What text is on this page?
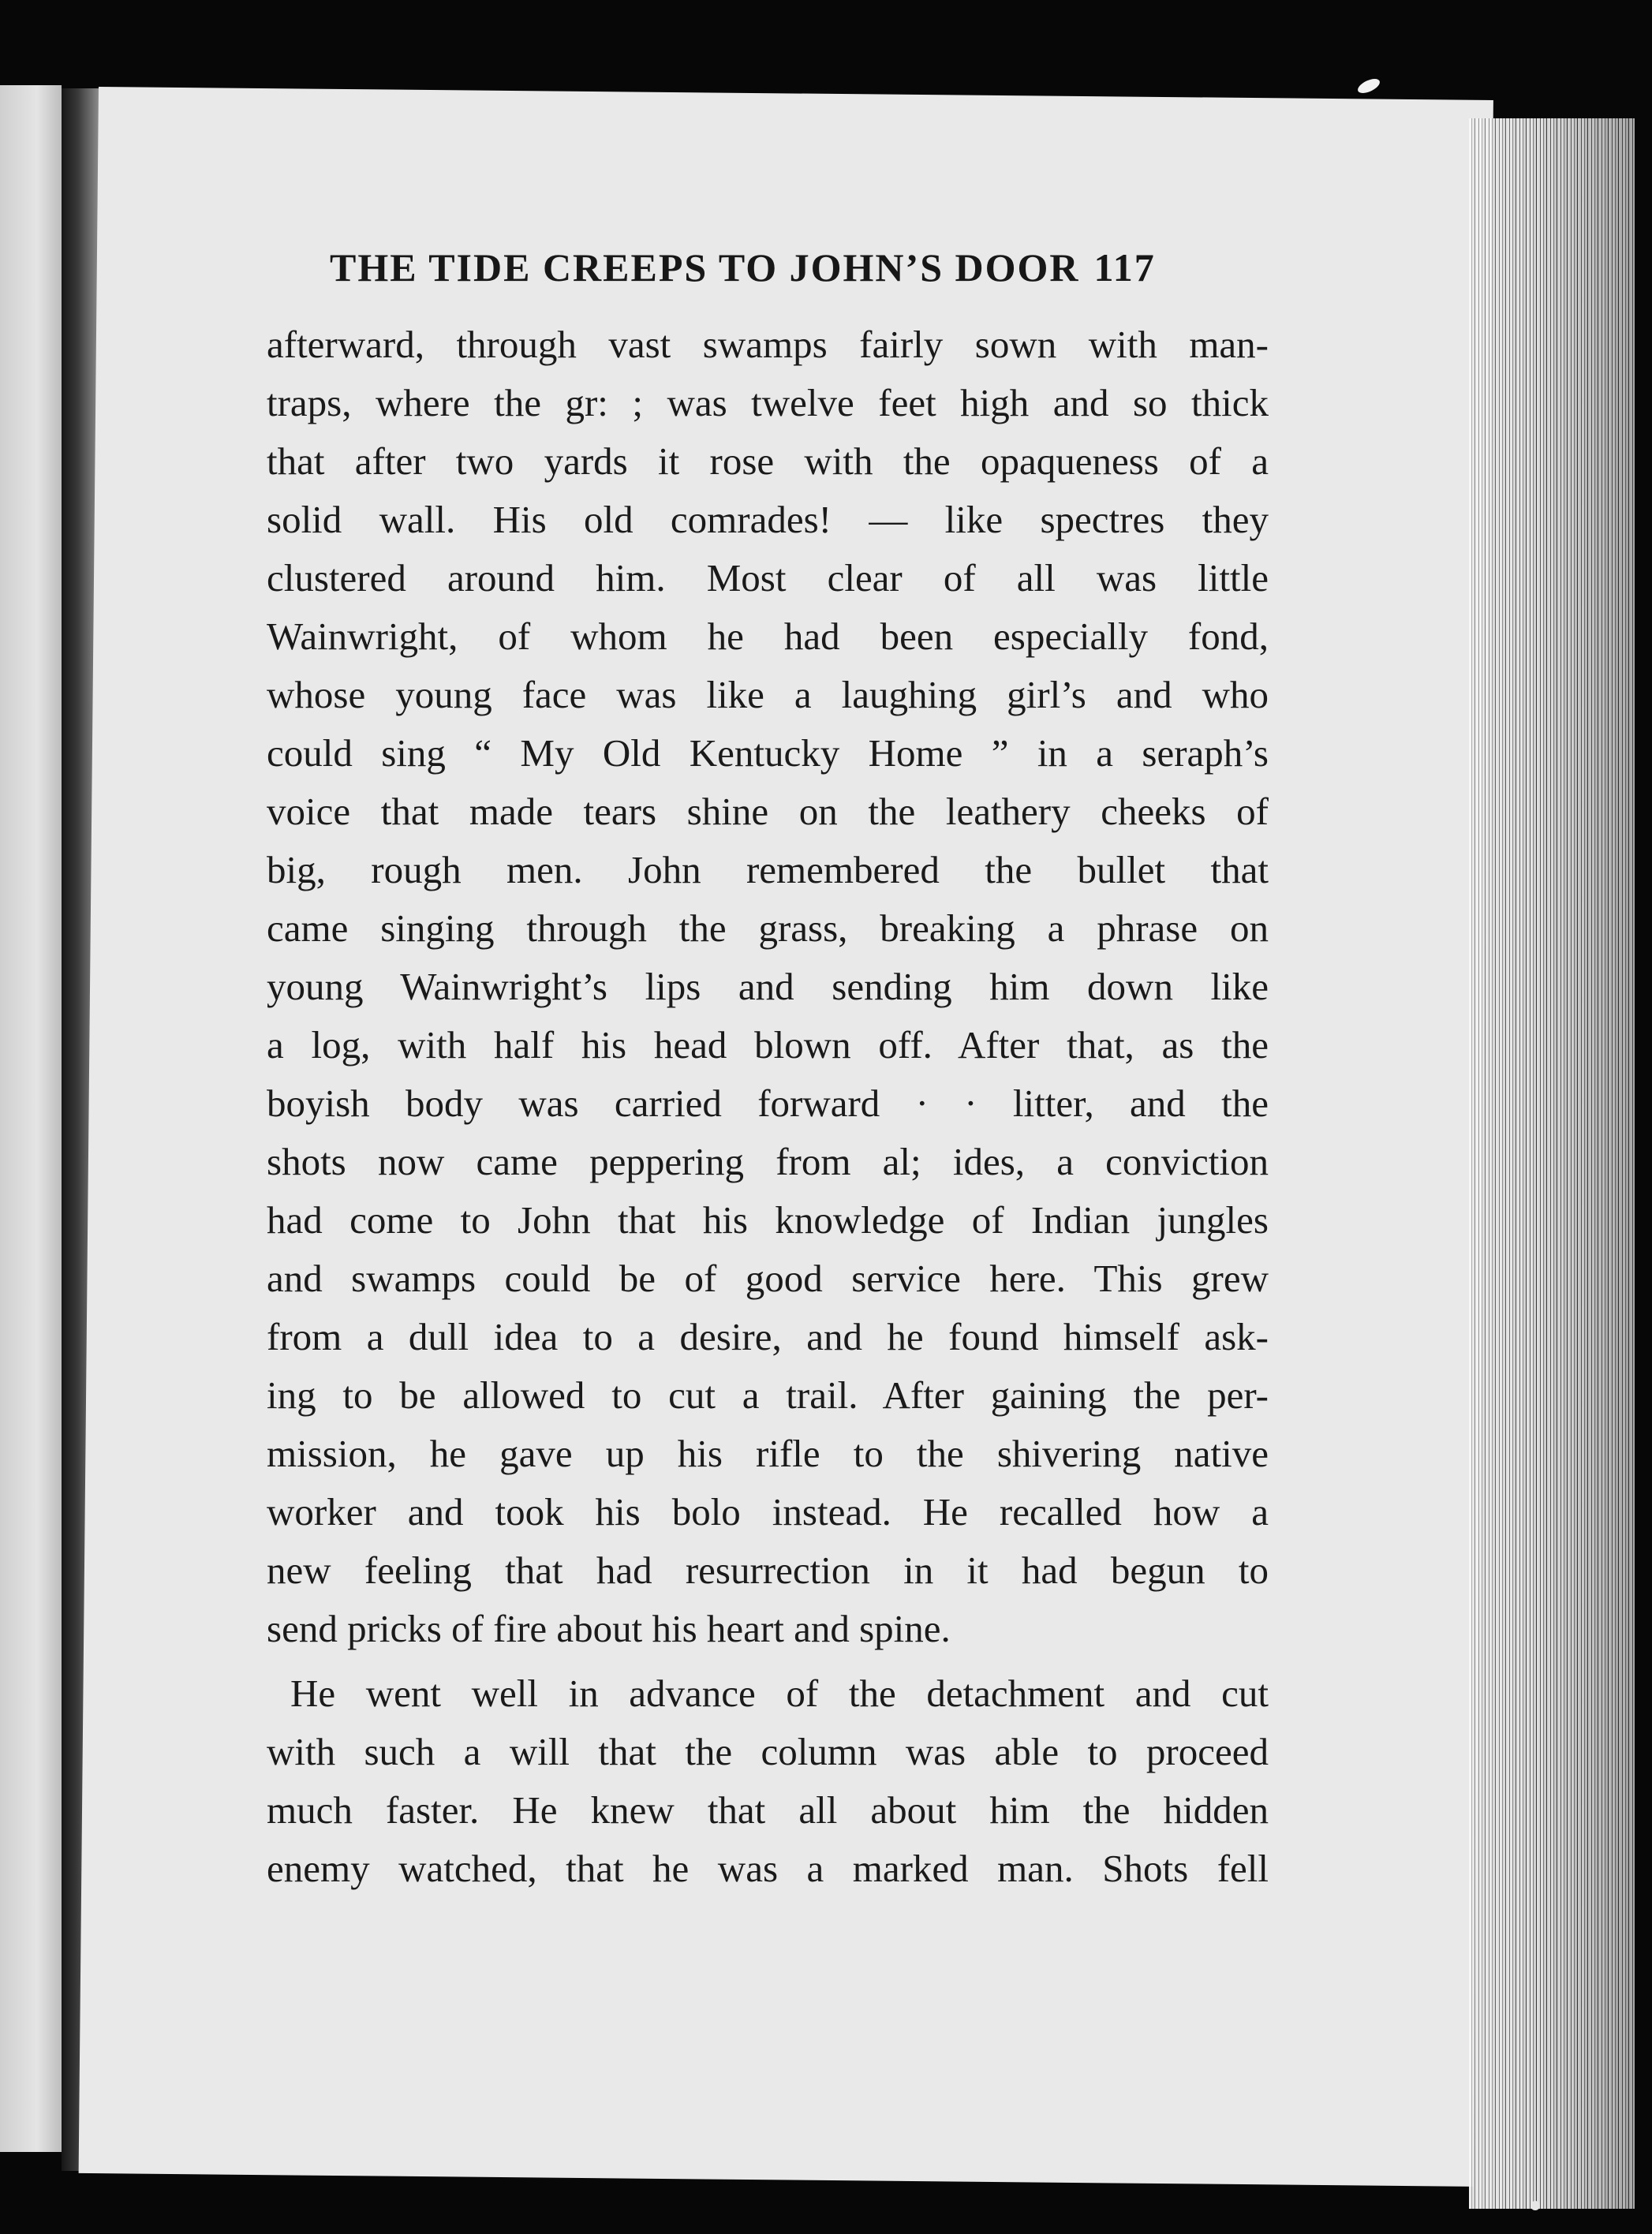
THE TIDE CREEPS TO JOHN’S DOOR 117
afterward, through vast swamps fairly sown with man-
traps, where the gr: ; was twelve feet high and so thick
that after two yards it rose with the opaqueness of a
solid wall. His old comrades! — like spectres they
clustered around him. Most clear of all was little
Wainwright, of whom he had been especially fond,
whose young face was like a laughing girl’s and who
could sing “ My Old Kentucky Home ” in a seraph’s
voice that made tears shine on the leathery cheeks of
big, rough men. John remembered the bullet that
came singing through the grass, breaking a phrase on
young Wainwright’s lips and sending him down like
a log, with half his head blown off. After that, as the
boyish body was carried forward · · litter, and the
shots now came peppering from al; ides, a conviction
had come to John that his knowledge of Indian jungles
and swamps could be of good service here. This grew
from a dull idea to a desire, and he found himself ask-
ing to be allowed to cut a trail. After gaining the per-
mission, he gave up his rifle to the shivering native
worker and took his bolo instead. He recalled how a
new feeling that had resurrection in it had begun to
send pricks of fire about his heart and spine.
He went well in advance of the detachment and cut
with such a will that the column was able to proceed
much faster. He knew that all about him the hidden
enemy watched, that he was a marked man. Shots fell
